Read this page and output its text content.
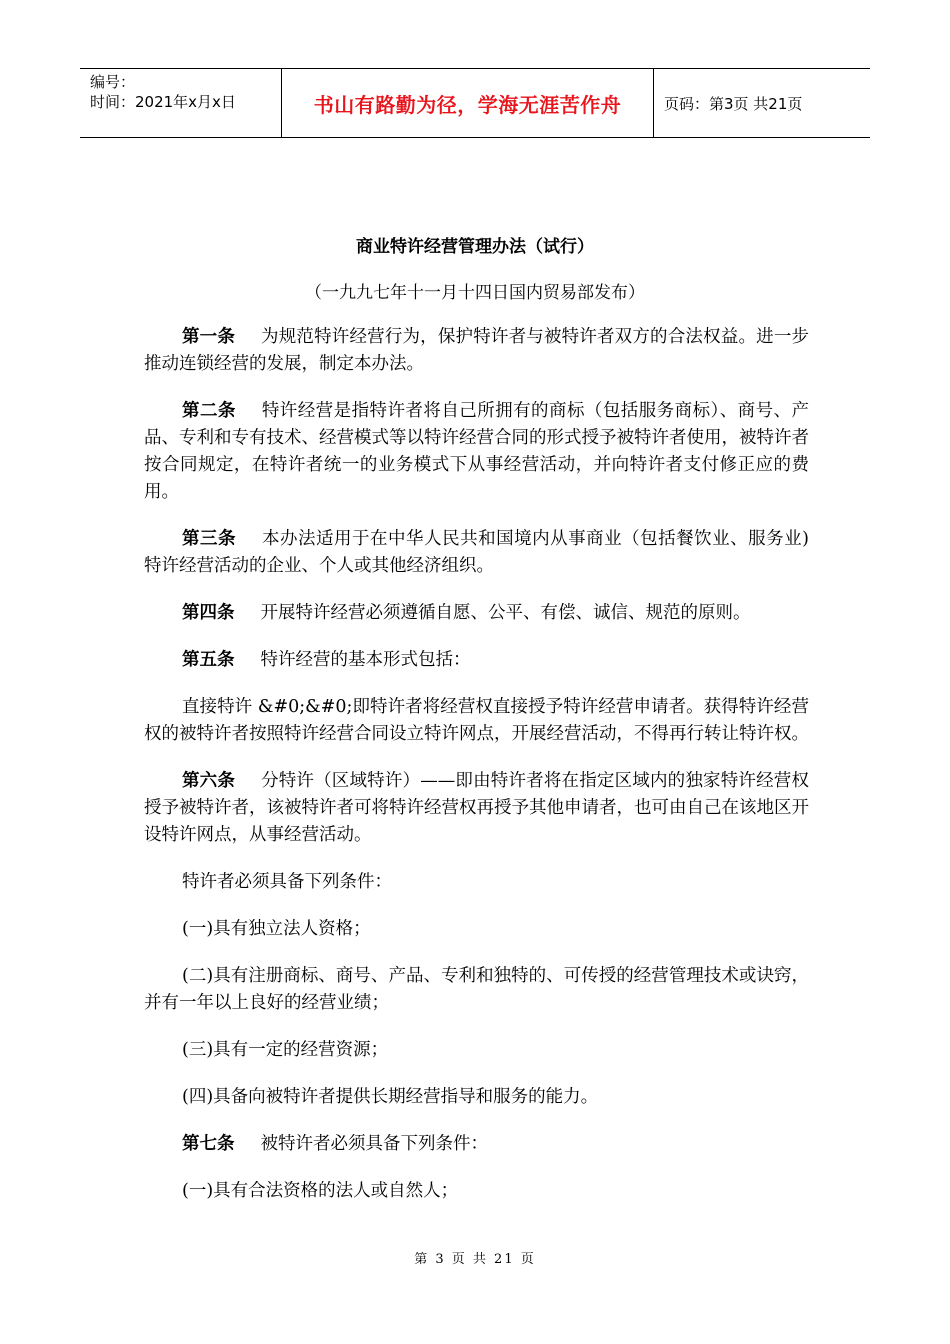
编号：
时间：2021年x月x日	书山有路勤为径，学海无涯苦作舟	页码：第3页 共21页
商业特许经营管理办法（试行）
（一九九七年十一月十四日国内贸易部发布）

第一条 为规范特许经营行为，保护特许者与被特许者双方的合法权益。进一步推动连锁经营的发展，制定本办法。

第二条 特许经营是指特许者将自己所拥有的商标（包括服务商标）、商号、产品、专利和专有技术、经营模式等以特许经营合同的形式授予被特许者使用，被特许者按合同规定，在特许者统一的业务模式下从事经营活动，并向特许者支付修正应的费用。

第三条 本办法适用于在中华人民共和国境内从事商业（包括餐饮业、服务业)特许经营活动的企业、个人或其他经济组织。

第四条 开展特许经营必须遵循自愿、公平、有偿、诚信、规范的原则。

第五条 特许经营的基本形式包括：

直接特许 &#0;&#0;即特许者将经营权直接授予特许经营申请者。获得特许经营权的被特许者按照特许经营合同设立特许网点，开展经营活动，不得再行转让特许权。

第六条 分特许（区域特许）——即由特许者将在指定区域内的独家特许经营权授予被特许者，该被特许者可将特许经营权再授予其他申请者，也可由自己在该地区开设特许网点，从事经营活动。

特许者必须具备下列条件：

(一)具有独立法人资格；

(二)具有注册商标、商号、产品、专利和独特的、可传授的经营管理技术或诀窍，并有一年以上良好的经营业绩；

(三)具有一定的经营资源；

(四)具备向被特许者提供长期经营指导和服务的能力。

第七条 被特许者必须具备下列条件：

(一)具有合法资格的法人或自然人；

第 3 页 共 21 页
